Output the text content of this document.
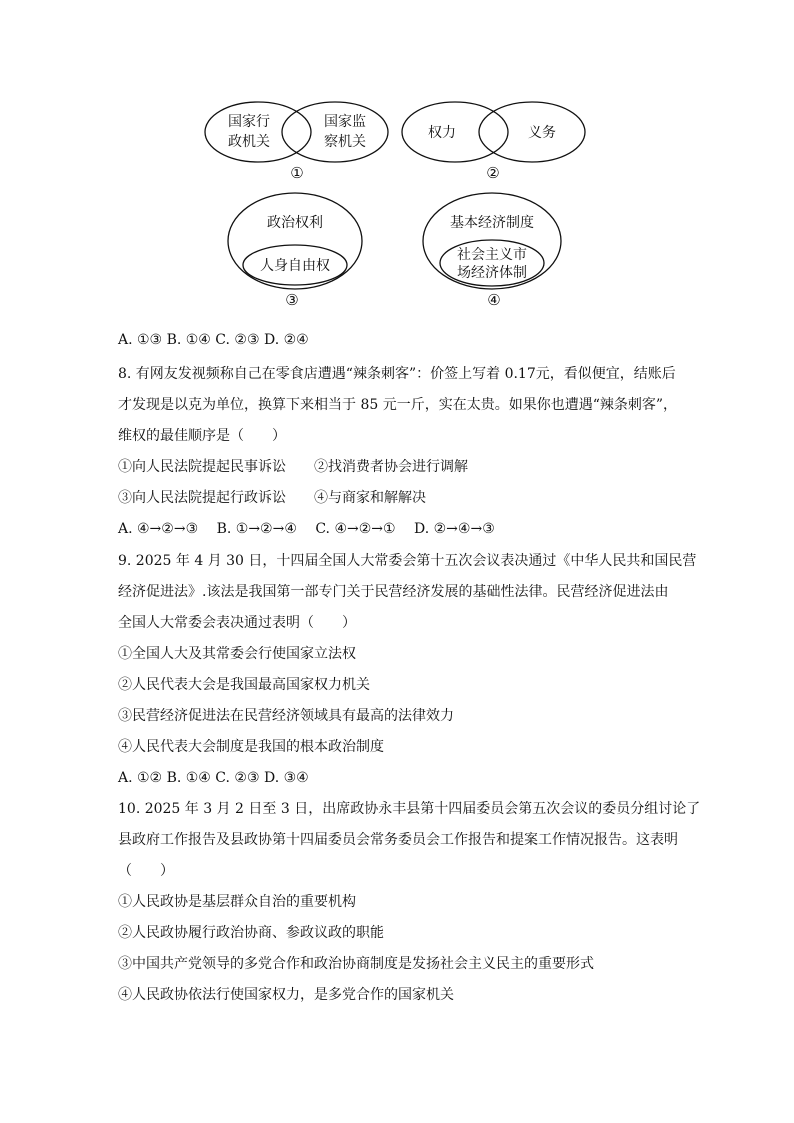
国家行
政机关
国家监
察机关
①
权力	义务
②
政治权利
人身自由权
③
基本经济制度
社会主义市
场经济体制
④
A. ①③ B. ①④ C. ②③ D. ②④
8. 有网友发视频称自己在零食店遭遇“辣条刺客”：价签上写着 0.17元，看似便宜，结账后
才发现是以克为单位，换算下来相当于 85 元一斤，实在太贵。如果你也遭遇“辣条刺客”，
维权的最佳顺序是（　　）
①向人民法院提起民事诉讼　　②找消费者协会进行调解
③向人民法院提起行政诉讼　　④与商家和解解决
A. ④→②→③　 B. ①→②→④　 C. ④→②→①　 D. ②→④→③
9. 2025 年 4 月 30 日，十四届全国人大常委会第十五次会议表决通过《中华人民共和国民营
经济促进法》.该法是我国第一部专门关于民营经济发展的基础性法律。民营经济促进法由
全国人大常委会表决通过表明（　　）
①全国人大及其常委会行使国家立法权
②人民代表大会是我国最高国家权力机关
③民营经济促进法在民营经济领域具有最高的法律效力
④人民代表大会制度是我国的根本政治制度
A. ①② B. ①④ C. ②③ D. ③④
10. 2025 年 3 月 2 日至 3 日，出席政协永丰县第十四届委员会第五次会议的委员分组讨论了
县政府工作报告及县政协第十四届委员会常务委员会工作报告和提案工作情况报告。这表明
（　　）
①人民政协是基层群众自治的重要机构
②人民政协履行政治协商、参政议政的职能
③中国共产党领导的多党合作和政治协商制度是发扬社会主义民主的重要形式
④人民政协依法行使国家权力，是多党合作的国家机关
